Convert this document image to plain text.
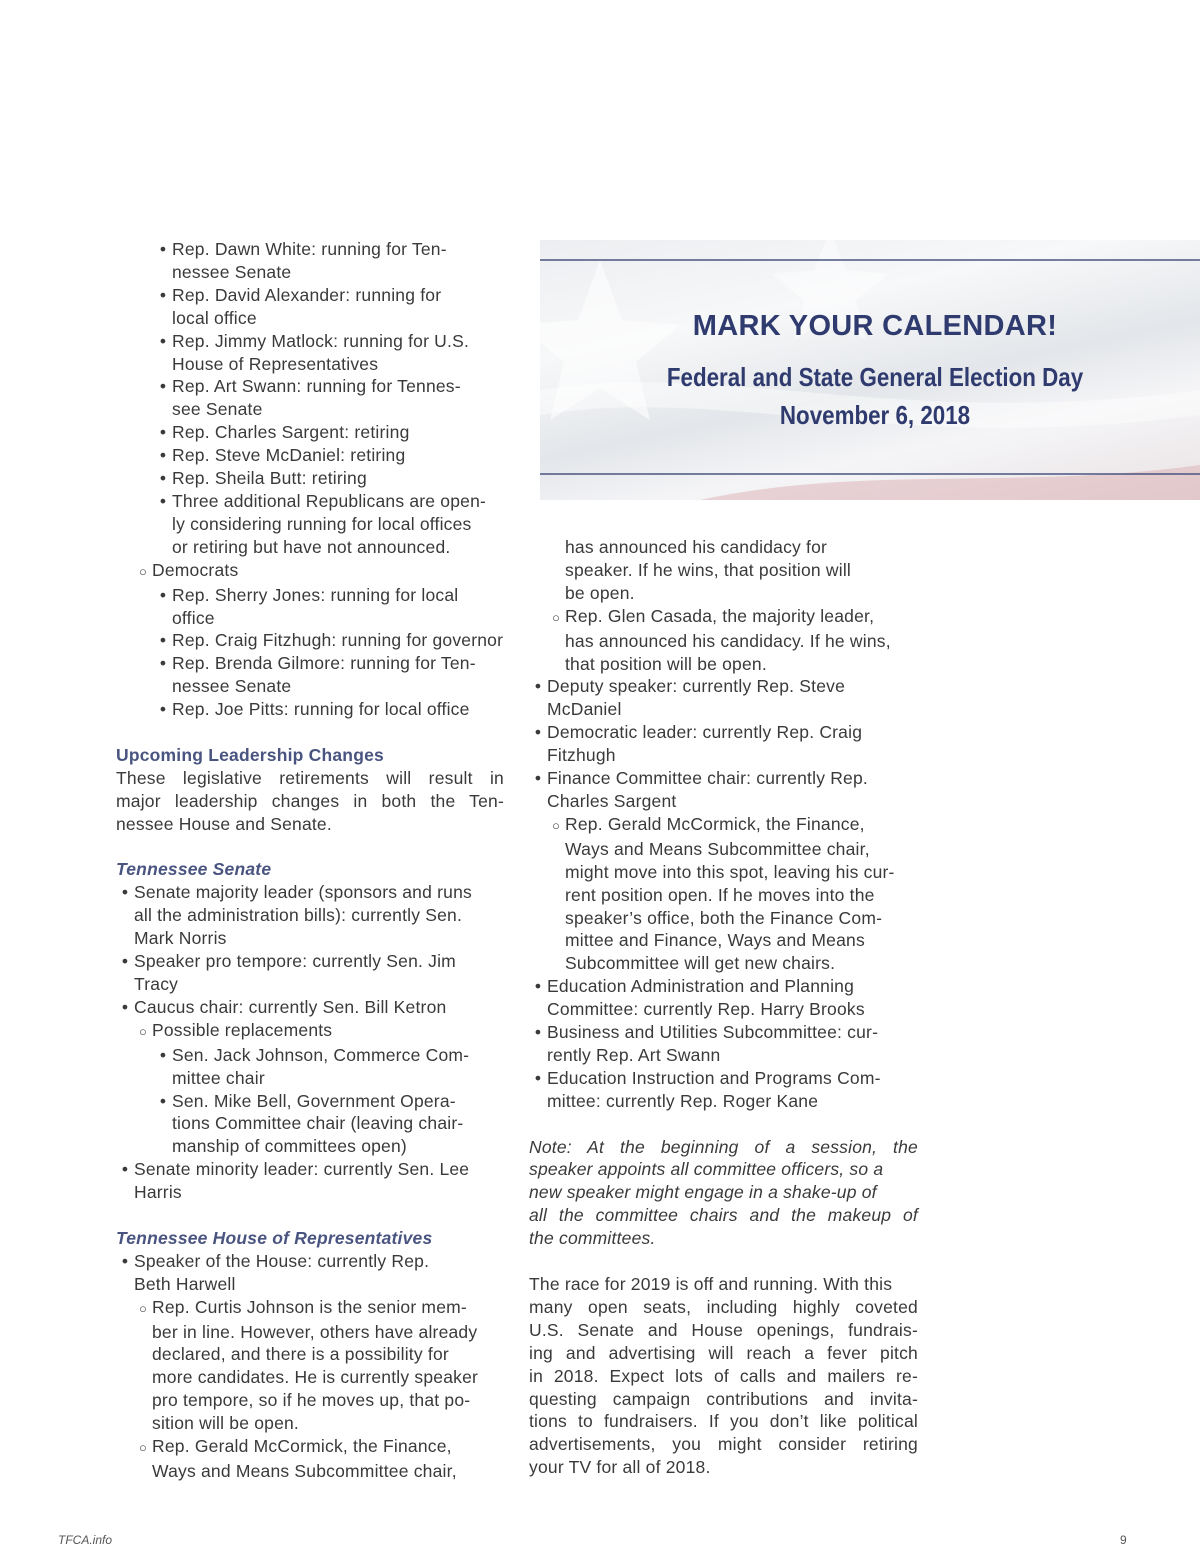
MARK YOUR CALENDAR!
Federal and State General Election Day
November 6, 2018
• Rep. Dawn White: running for Ten-
nessee Senate
• Rep. David Alexander: running for
local office
• Rep. Jimmy Matlock: running for U.S.
House of Representatives
• Rep. Art Swann: running for Tennes-
see Senate
• Rep. Charles Sargent: retiring
• Rep. Steve McDaniel: retiring
• Rep. Sheila Butt: retiring
• Three additional Republicans are open-
ly considering running for local offices
or retiring but have not announced.
○ Democrats
• Rep. Sherry Jones: running for local
office
• Rep. Craig Fitzhugh: running for governor
• Rep. Brenda Gilmore: running for Ten-
nessee Senate
• Rep. Joe Pitts: running for local office
Upcoming Leadership Changes
These legislative retirements will result in
major leadership changes in both the Ten-
nessee House and Senate.
Tennessee Senate
• Senate majority leader (sponsors and runs
all the administration bills): currently Sen.
Mark Norris
• Speaker pro tempore: currently Sen. Jim
Tracy
• Caucus chair: currently Sen. Bill Ketron
○ Possible replacements
• Sen. Jack Johnson, Commerce Com-
mittee chair
• Sen. Mike Bell, Government Opera-
tions Committee chair (leaving chair-
manship of committees open)
• Senate minority leader: currently Sen. Lee
Harris
Tennessee House of Representatives
• Speaker of the House: currently Rep.
Beth Harwell
○ Rep. Curtis Johnson is the senior mem-
ber in line. However, others have already
declared, and there is a possibility for
more candidates. He is currently speaker
pro tempore, so if he moves up, that po-
sition will be open.
○ Rep. Gerald McCormick, the Finance,
Ways and Means Subcommittee chair,
has announced his candidacy for
speaker. If he wins, that position will
be open.
○ Rep. Glen Casada, the majority leader,
has announced his candidacy. If he wins,
that position will be open.
• Deputy speaker: currently Rep. Steve
McDaniel
• Democratic leader: currently Rep. Craig
Fitzhugh
• Finance Committee chair: currently Rep.
Charles Sargent
○ Rep. Gerald McCormick, the Finance,
Ways and Means Subcommittee chair,
might move into this spot, leaving his cur-
rent position open. If he moves into the
speaker’s office, both the Finance Com-
mittee and Finance, Ways and Means
Subcommittee will get new chairs.
• Education Administration and Planning
Committee: currently Rep. Harry Brooks
• Business and Utilities Subcommittee: cur-
rently Rep. Art Swann
• Education Instruction and Programs Com-
mittee: currently Rep. Roger Kane
Note: At the beginning of a session, the
speaker appoints all committee officers, so a
new speaker might engage in a shake-up of
all the committee chairs and the makeup of
the committees.
The race for 2019 is off and running. With this
many open seats, including highly coveted
U.S. Senate and House openings, fundrais-
ing and advertising will reach a fever pitch
in 2018. Expect lots of calls and mailers re-
questing campaign contributions and invita-
tions to fundraisers. If you don’t like political
advertisements, you might consider retiring
your TV for all of 2018.
TFCA.info	9
